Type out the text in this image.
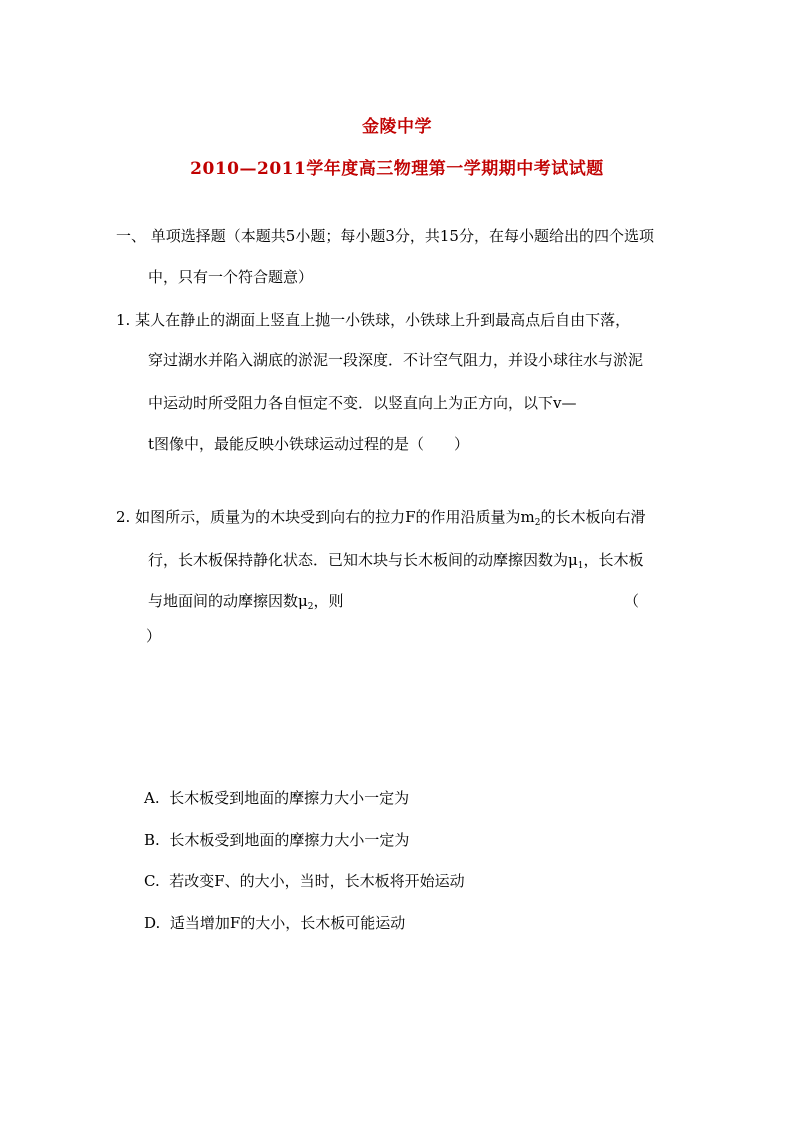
金陵中学
2010—2011学年度高三物理第一学期期中考试试题
一、 单项选择题（本题共5小题；每小题3分，共15分，在每小题给出的四个选项
中，只有一个符合题意）
1. 某人在静止的湖面上竖直上抛一小铁球，小铁球上升到最高点后自由下落，
穿过湖水并陷入湖底的淤泥一段深度．不计空气阻力，并设小球往水与淤泥
中运动时所受阻力各自恒定不变．以竖直向上为正方向，以下v—
t图像中，最能反映小铁球运动过程的是（　　）
2. 如图所示，质量为的木块受到向右的拉力F的作用沿质量为$m_2$的长木板向右滑
行，长木板保持静化状态．已知木块与长木板间的动摩擦因数为$\mu_1$，长木板
与地面间的动摩擦因数$\mu_2$，则	（
）
A. 长木板受到地面的摩擦力大小一定为
B. 长木板受到地面的摩擦力大小一定为
C. 若改变F、的大小，当时，长木板将开始运动
D. 适当增加F的大小，长木板可能运动
